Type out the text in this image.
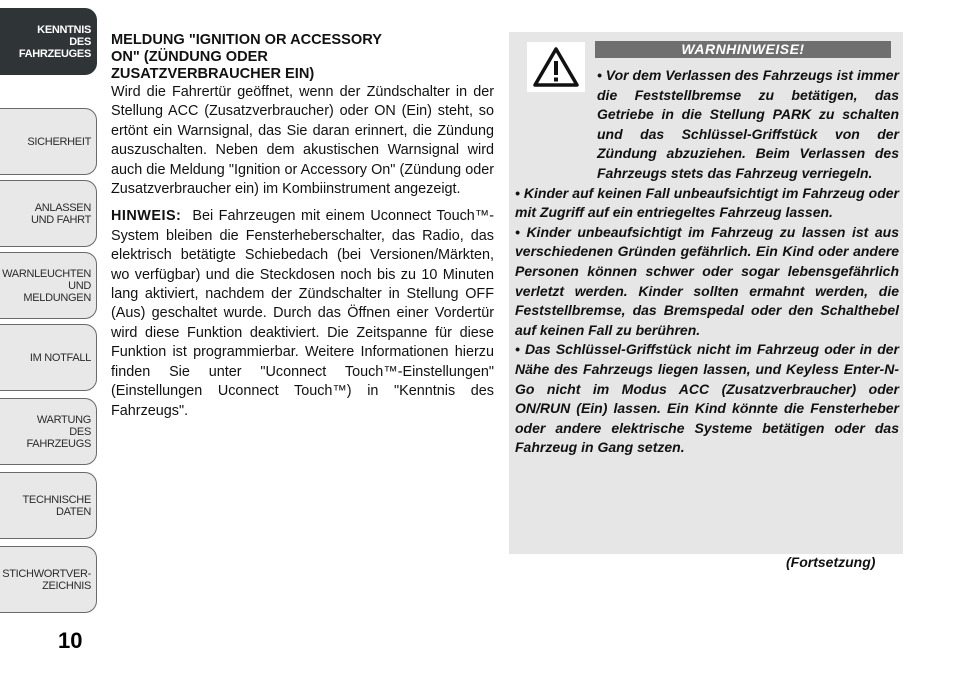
KENNTNIS
DES
FAHRZEUGES
SICHERHEIT
ANLASSEN
UND FAHRT
WARNLEUCHTEN
UND
MELDUNGEN
IM NOTFALL
WARTUNG
DES
FAHRZEUGS
TECHNISCHE
DATEN
STICHWORTVER-
ZEICHNIS
10
MELDUNG "IGNITION OR ACCESSORY
ON" (ZÜNDUNG ODER
ZUSATZVERBRAUCHER EIN)

Wird die Fahrertür geöffnet, wenn der Zündschalter in der Stellung ACC (Zusatzverbraucher) oder ON (Ein) steht, so ertönt ein Warnsignal, das Sie daran erinnert, die Zündung auszuschalten. Neben dem akustischen Warnsignal wird auch die Meldung "Ignition or Accessory On" (Zündung oder Zusatzverbraucher ein) im Kombiinstrument angezeigt.

HINWEIS: Bei Fahrzeugen mit einem Uconnect Touch™-System bleiben die Fensterheberschalter, das Radio, das elektrisch betätigte Schiebedach (bei Versionen/Märkten, wo verfügbar) und die Steckdosen noch bis zu 10 Minuten lang aktiviert, nachdem der Zündschalter in Stellung OFF (Aus) geschaltet wurde. Durch das Öffnen einer Vordertür wird diese Funktion deaktiviert. Die Zeitspanne für diese Funktion ist programmierbar. Weitere Informationen hierzu finden Sie unter "Uconnect Touch™-Einstellungen" (Einstellungen Uconnect Touch™) in "Kenntnis des Fahrzeugs".

WARNHINWEISE!

• Vor dem Verlassen des Fahrzeugs ist immer die Feststellbremse zu betätigen, das Getriebe in die Stellung PARK zu schalten und das Schlüssel-Griffstück von der Zündung abzuziehen. Beim Verlassen des Fahrzeugs stets das Fahrzeug verriegeln.

• Kinder auf keinen Fall unbeaufsichtigt im Fahrzeug oder mit Zugriff auf ein entriegeltes Fahrzeug lassen.

• Kinder unbeaufsichtigt im Fahrzeug zu lassen ist aus verschiedenen Gründen gefährlich. Ein Kind oder andere Personen können schwer oder sogar lebensgefährlich verletzt werden. Kinder sollten ermahnt werden, die Feststellbremse, das Bremspedal oder den Schalthebel auf keinen Fall zu berühren.

• Das Schlüssel-Griffstück nicht im Fahrzeug oder in der Nähe des Fahrzeugs liegen lassen, und Keyless Enter-N-Go nicht im Modus ACC (Zusatzverbraucher) oder ON/RUN (Ein) lassen. Ein Kind könnte die Fensterheber oder andere elektrische Systeme betätigen oder das Fahrzeug in Gang setzen.

(Fortsetzung)
